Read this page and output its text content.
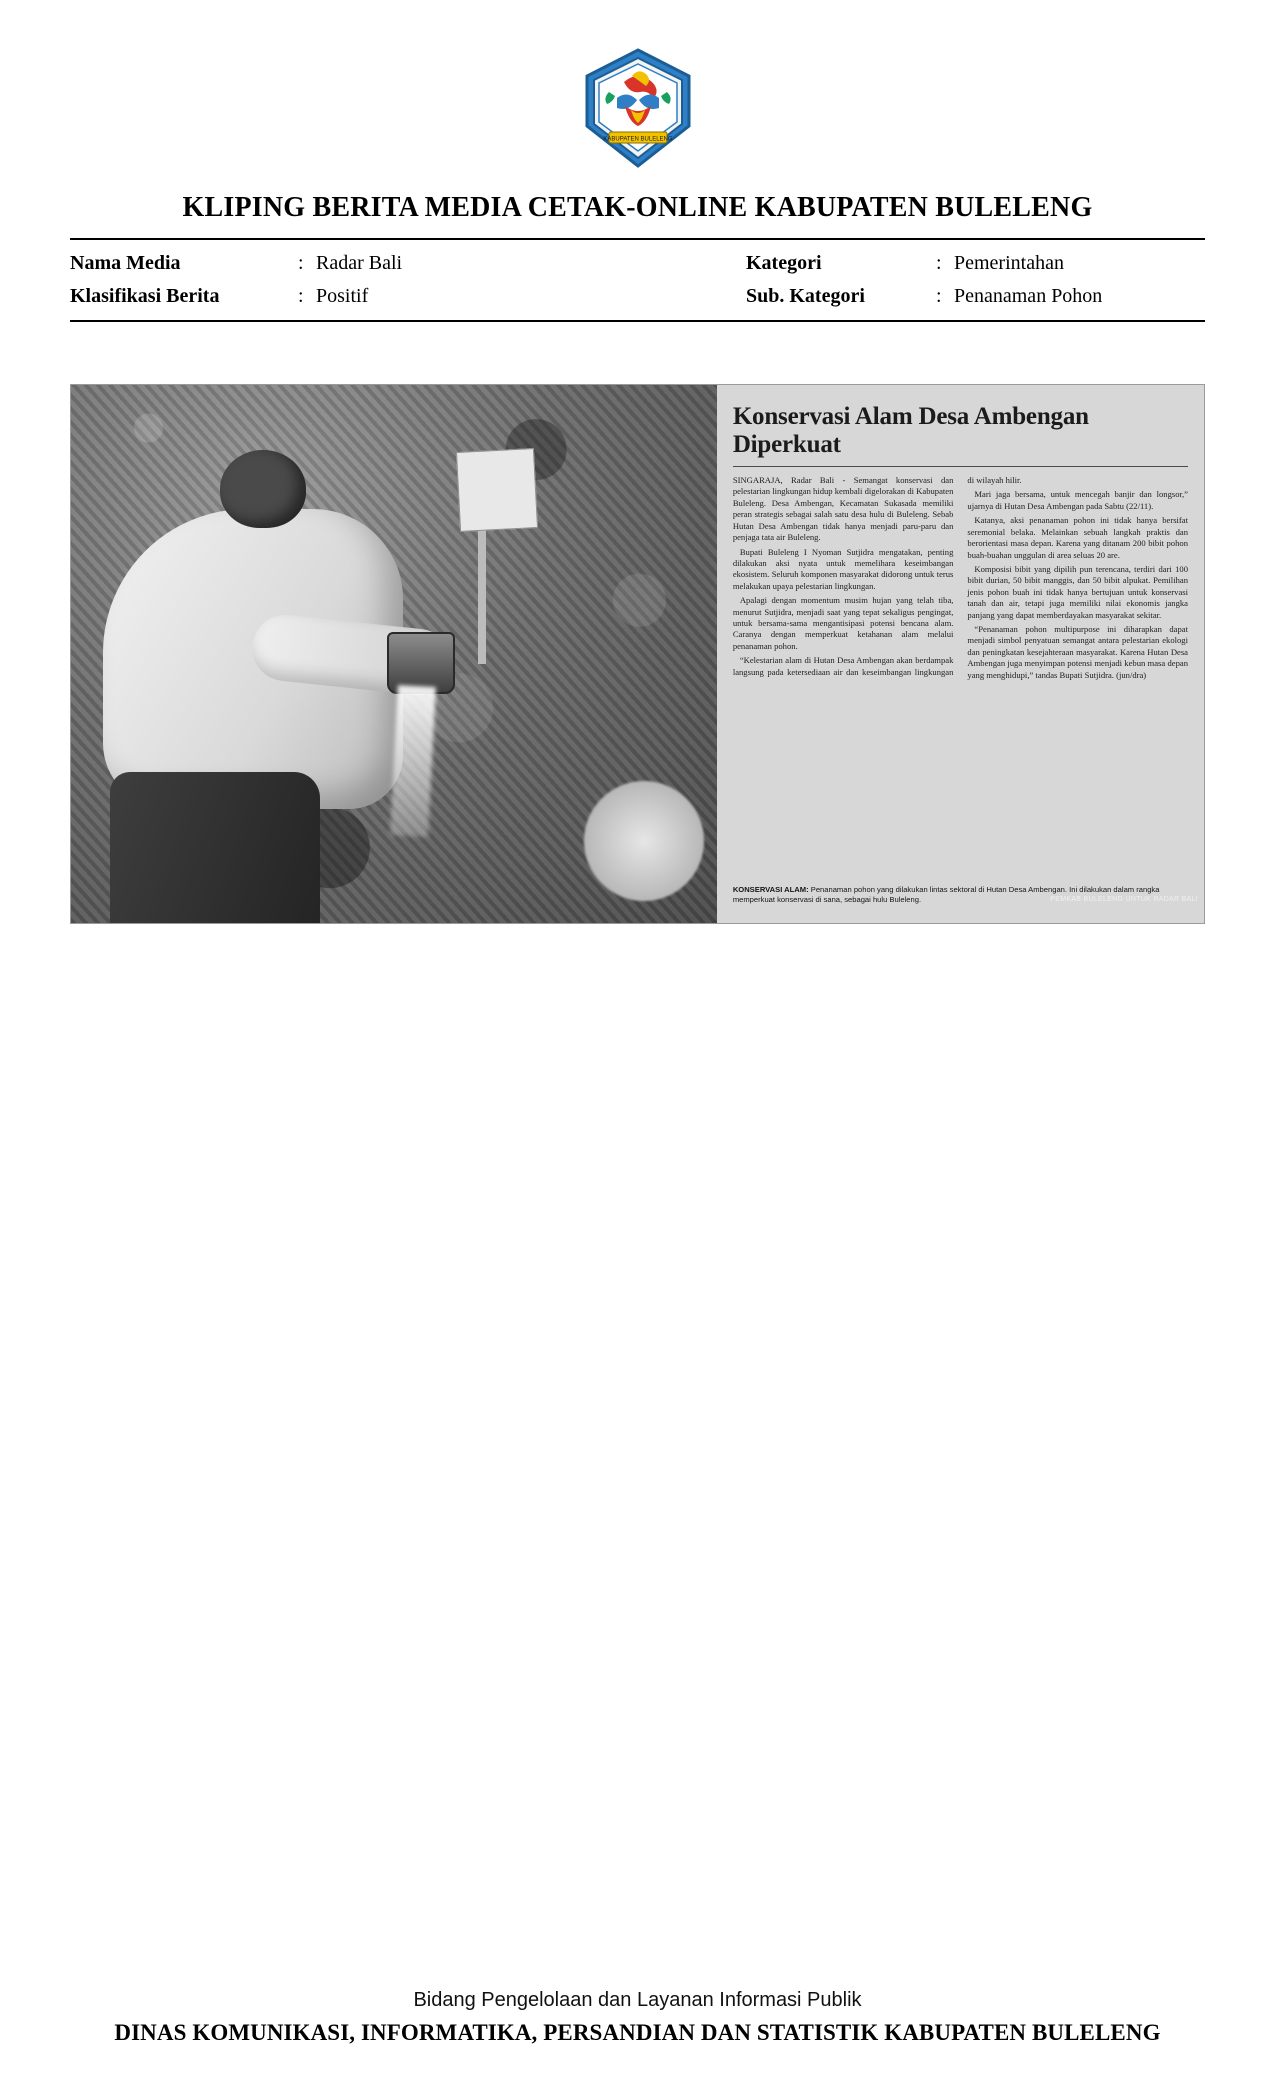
KABUPATEN BULELENG
KLIPING BERITA MEDIA CETAK-ONLINE KABUPATEN BULELENG
Nama Media	: Radar Bali	Kategori	: Pemerintahan
Klasifikasi Berita	: Positif	Sub. Kategori	: Penanaman Pohon
Konservasi Alam Desa Ambengan Diperkuat

SINGARAJA, Radar Bali - Semangat konservasi dan pelestarian lingkungan hidup kembali digelorakan di Kabupaten Buleleng. Desa Ambengan, Kecamatan Sukasada memiliki peran strategis sebagai salah satu desa hulu di Buleleng. Sebab Hutan Desa Ambengan tidak hanya menjadi paru-paru dan penjaga tata air Buleleng.

Bupati Buleleng I Nyoman Sutjidra mengatakan, penting dilakukan aksi nyata untuk memelihara keseimbangan ekosistem. Seluruh komponen masyarakat didorong untuk terus melakukan upaya pelestarian lingkungan.

Apalagi dengan momentum musim hujan yang telah tiba, menurut Sutjidra, menjadi saat yang tepat sekaligus pengingat, untuk bersama-sama mengantisipasi potensi bencana alam. Caranya dengan memperkuat ketahanan alam melalui penanaman pohon.

“Kelestarian alam di Hutan Desa Ambengan akan berdampak langsung pada ketersediaan air dan keseimbangan lingkungan di wilayah hilir.

Mari jaga bersama, untuk mencegah banjir dan longsor,” ujarnya di Hutan Desa Ambengan pada Sabtu (22/11).

Katanya, aksi penanaman pohon ini tidak hanya bersifat seremonial belaka. Melainkan sebuah langkah praktis dan berorientasi masa depan. Karena yang ditanam 200 bibit pohon buah-buahan unggulan di area seluas 20 are.

Komposisi bibit yang dipilih pun terencana, terdiri dari 100 bibit durian, 50 bibit manggis, dan 50 bibit alpukat. Pemilihan jenis pohon buah ini tidak hanya bertujuan untuk konservasi tanah dan air, tetapi juga memiliki nilai ekonomis jangka panjang yang dapat memberdayakan masyarakat sekitar.

“Penanaman pohon multipurpose ini diharapkan dapat menjadi simbol penyatuan semangat antara pelestarian ekologi dan peningkatan kesejahteraan masyarakat. Karena Hutan Desa Ambengan juga menyimpan potensi menjadi kebun masa depan yang menghidupi,” tandas Bupati Sutjidra. (jun/dra)

KONSERVASI ALAM: Penanaman pohon yang dilakukan lintas sektoral di Hutan Desa Ambengan. Ini dilakukan dalam rangka memperkuat konservasi di sana, sebagai hulu Buleleng.	PEMKAB BULELENG UNTUK RADAR BALI
Bidang Pengelolaan dan Layanan Informasi Publik
DINAS KOMUNIKASI, INFORMATIKA, PERSANDIAN DAN STATISTIK KABUPATEN BULELENG
